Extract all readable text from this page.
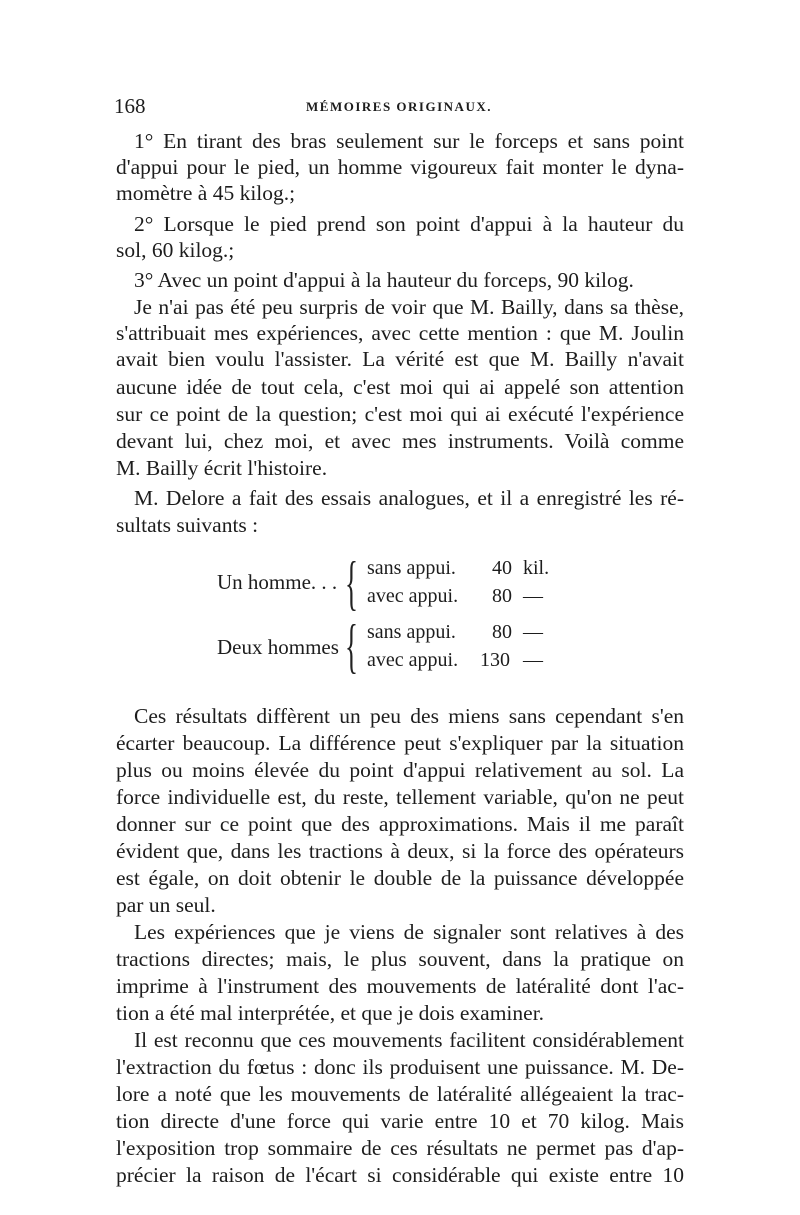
168	MÉMOIRES ORIGINAUX.
1° En tirant des bras seulement sur le forceps et sans point
d'appui pour le pied, un homme vigoureux fait monter le dyna-
momètre à 45 kilog.;
2° Lorsque le pied prend son point d'appui à la hauteur du
sol, 60 kilog.;
3° Avec un point d'appui à la hauteur du forceps, 90 kilog.
Je n'ai pas été peu surpris de voir que M. Bailly, dans sa thèse,
s'attribuait mes expériences, avec cette mention : que M. Joulin
avait bien voulu l'assister. La vérité est que M. Bailly n'avait
aucune idée de tout cela, c'est moi qui ai appelé son attention
sur ce point de la question; c'est moi qui ai exécuté l'expérience
devant lui, chez moi, et avec mes instruments. Voilà comme
M. Bailly écrit l'histoire.
M. Delore a fait des essais analogues, et il a enregistré les ré-
sultats suivants :
Un homme. . . { sans appui. 40 kil.
avec appui. 80 —
Deux hommes { sans appui. 80 —
avec appui. 130 —
Ces résultats diffèrent un peu des miens sans cependant s'en
écarter beaucoup. La différence peut s'expliquer par la situation
plus ou moins élevée du point d'appui relativement au sol. La
force individuelle est, du reste, tellement variable, qu'on ne peut
donner sur ce point que des approximations. Mais il me paraît
évident que, dans les tractions à deux, si la force des opérateurs
est égale, on doit obtenir le double de la puissance développée
par un seul.
Les expériences que je viens de signaler sont relatives à des
tractions directes; mais, le plus souvent, dans la pratique on
imprime à l'instrument des mouvements de latéralité dont l'ac-
tion a été mal interprétée, et que je dois examiner.
Il est reconnu que ces mouvements facilitent considérablement
l'extraction du fœtus : donc ils produisent une puissance. M. De-
lore a noté que les mouvements de latéralité allégeaient la trac-
tion directe d'une force qui varie entre 10 et 70 kilog. Mais
l'exposition trop sommaire de ces résultats ne permet pas d'ap-
précier la raison de l'écart si considérable qui existe entre 10
